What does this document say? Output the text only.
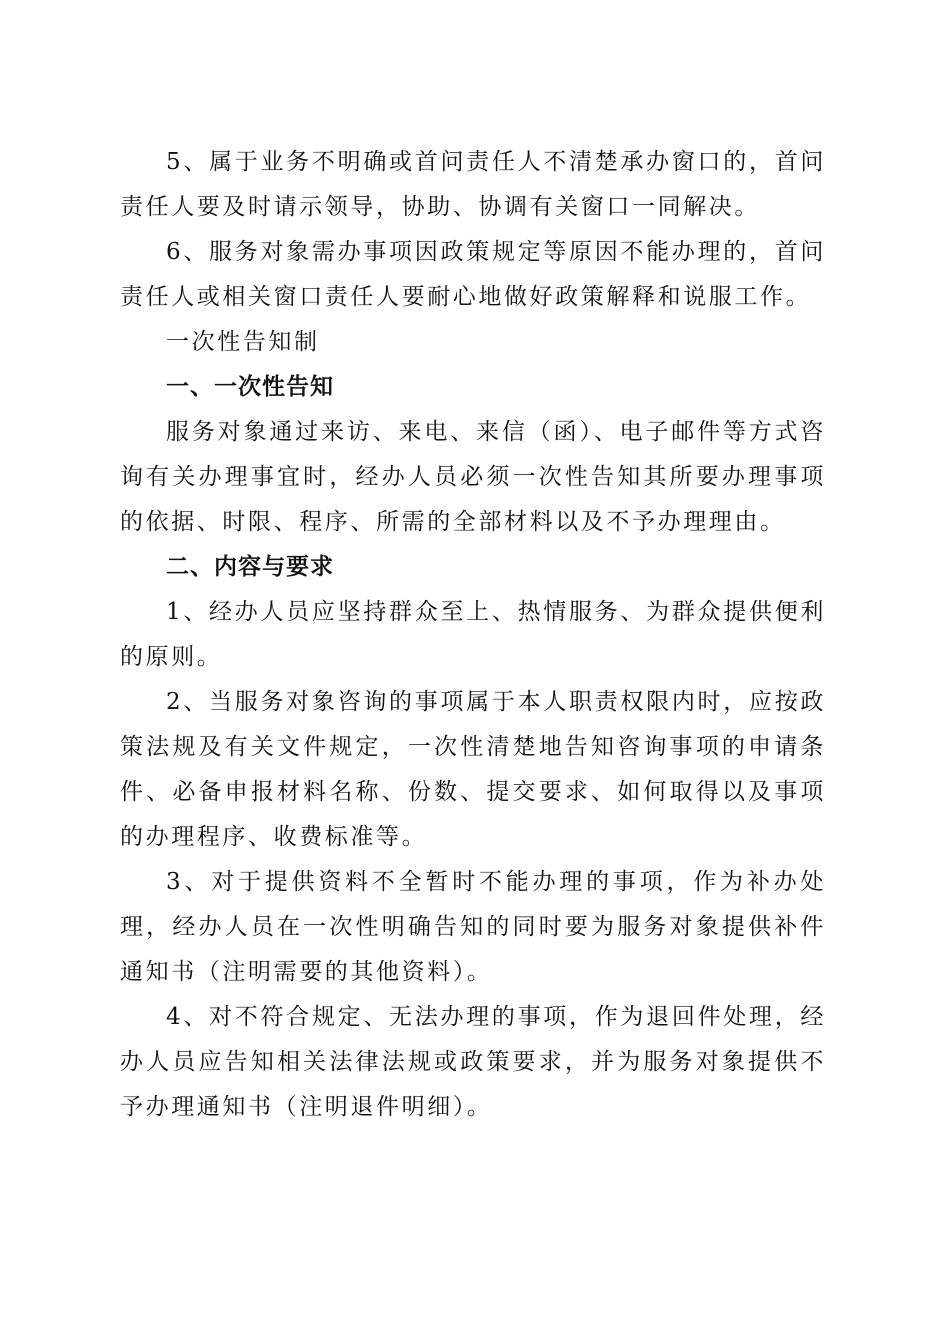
5、属于业务不明确或首问责任人不清楚承办窗口的，首问责任人要及时请示领导，协助、协调有关窗口一同解决。

6、服务对象需办事项因政策规定等原因不能办理的，首问责任人或相关窗口责任人要耐心地做好政策解释和说服工作。

一次性告知制

一、一次性告知

服务对象通过来访、来电、来信（函）、电子邮件等方式咨询有关办理事宜时，经办人员必须一次性告知其所要办理事项的依据、时限、程序、所需的全部材料以及不予办理理由。

二、内容与要求

1、经办人员应坚持群众至上、热情服务、为群众提供便利的原则。

2、当服务对象咨询的事项属于本人职责权限内时，应按政策法规及有关文件规定，一次性清楚地告知咨询事项的申请条件、必备申报材料名称、份数、提交要求、如何取得以及事项的办理程序、收费标准等。

3、对于提供资料不全暂时不能办理的事项，作为补办处理，经办人员在一次性明确告知的同时要为服务对象提供补件通知书（注明需要的其他资料）。

4、对不符合规定、无法办理的事项，作为退回件处理，经办人员应告知相关法律法规或政策要求，并为服务对象提供不予办理通知书（注明退件明细）。
